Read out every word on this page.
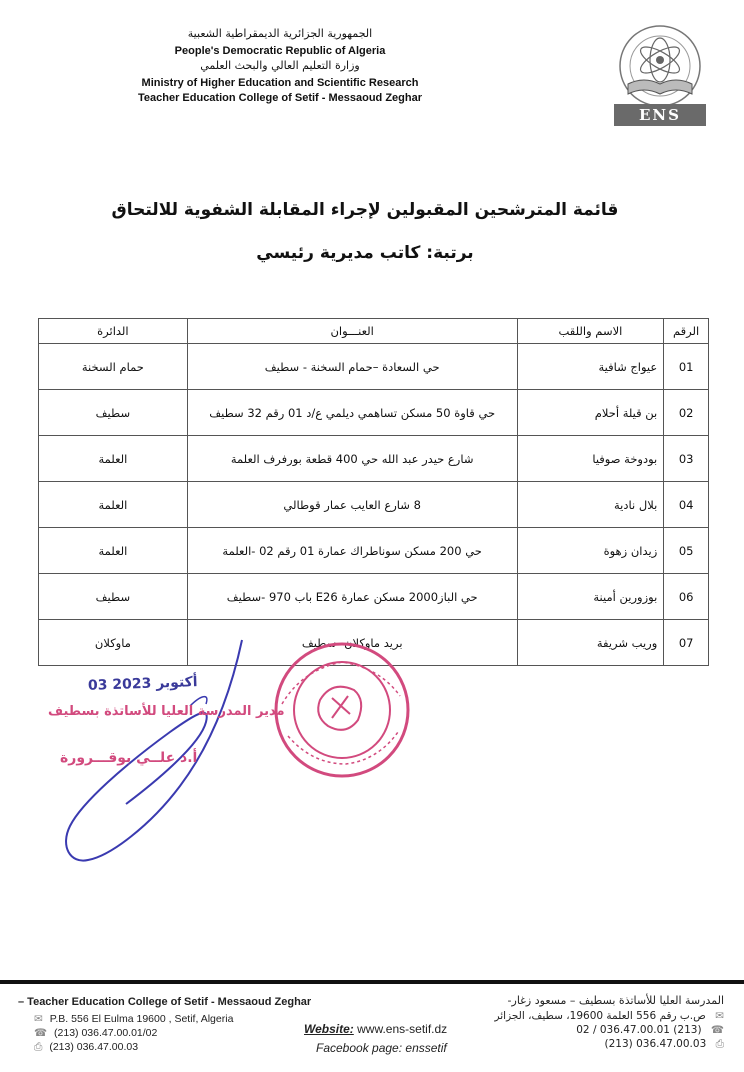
الجمهورية الجزائرية الديمقراطية الشعبية
People's Democratic Republic of Algeria
وزارة التعليم العالي والبحث العلمي
Ministry of Higher Education and Scientific Research
Teacher Education College of Setif - Messaoud Zeghar
ENS
قائمة المترشحين المقبولين لإجراء المقابلة الشفوية للالتحاق
برتبة: كاتب مديرية رئيسي
الرقم	الاسم واللقب	العنـــوان	الدائرة
01	عيواج شافية	حي السعادة –حمام السخنة - سطيف	حمام السخنة
02	بن قيلة أحلام	حي قاوة 50 مسكن تساهمي ديلمي ع/د 01 رقم 32 سطيف	سطيف
03	بودوخة صوفيا	شارع حيدر عبد الله حي 400 قطعة بورفرف العلمة	العلمة
04	بلال نادية	8 شارع العايب عمار قوطالي	العلمة
05	زيدان زهوة	حي 200 مسكن سوناطراك عمارة 01 رقم 02 -العلمة	العلمة
06	بوزورين أمينة	حي الباز2000 مسكن عمارة E26 باب 970 -سطيف	سطيف
07	وريب شريفة	بريد ماوكلان -سطيف	ماوكلان
03 أكتوبر 2023
مدير المدرسة العليا للأساتذة بسطيف
أ.د علــي بوقـــرورة
– Teacher Education College of Setif - Messaoud Zeghar
✉ P.B. 556 El Eulma 19600 , Setif, Algeria
☎ (213) 036.47.00.01/02
⎙ (213) 036.47.00.03
Website: www.ens-setif.dz
Facebook page: enssetif
المدرسة العليا للأساتذة بسطيف – مسعود زغار-
✉ ص.ب رقم 556 العلمة 19600، سطيف، الجزائر
☎ (213) 036.47.00.01 / 02
⎙ 036.47.00.03 (213)
